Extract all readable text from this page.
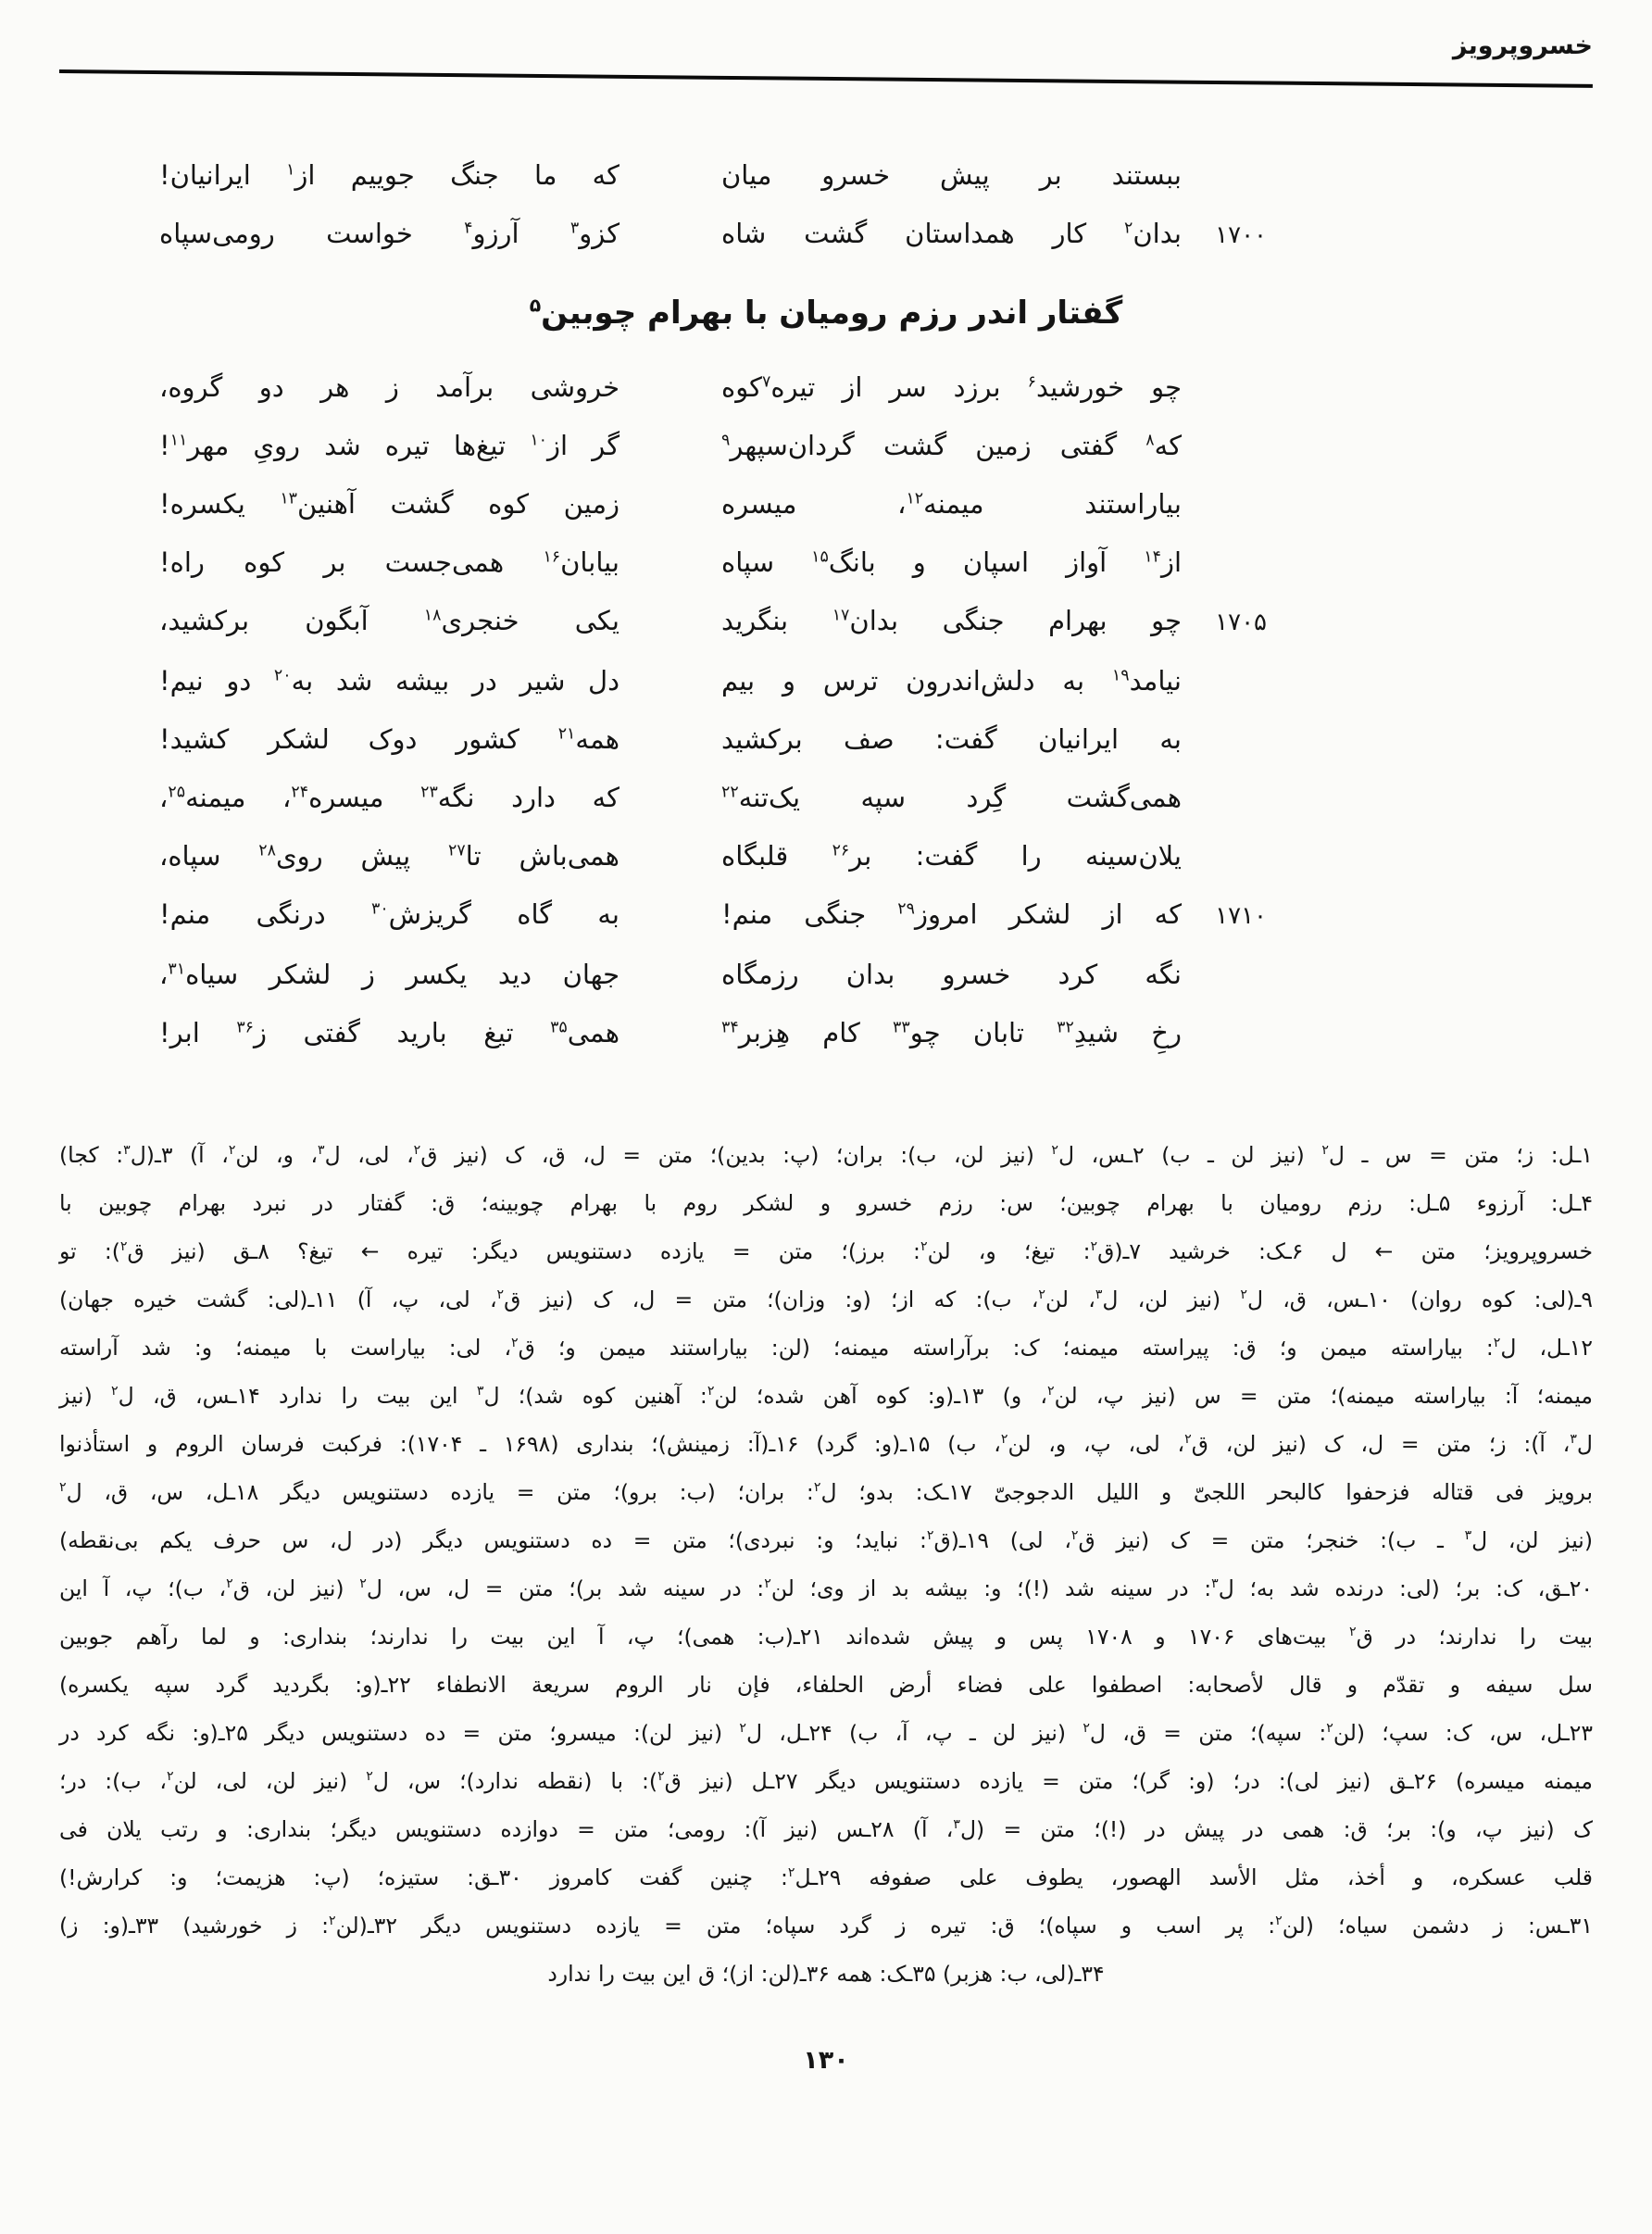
خسروپرویز
ببستند بر پیش خسرو میان
که ما جنگ جوییم از$^۱$ ایرانیان!
۱۷۰۰
بدان$^۲$ کار همداستان گشت شاه
کزو$^۳$ آرزو$^۴$ خواست رومی‌سپاه
گفتار اندر رزم رومیان با بهرام چوبین$^۵$
چو خورشید$^۶$ برزد سر از تیره$^۷$کوه
خروشی برآمد ز هر دو گروه،
که$^۸$ گفتی زمین گشت گردان‌سپهر$^۹$
گر از$^{۱۰}$ تیغ‌ها تیره شد رویِ مهر$^{۱۱}$!
بیاراستند میمنه$^{۱۲}$، میسره
زمین کوه گشت آهنین$^{۱۳}$ یکسره!
از$^{۱۴}$ آواز اسپان و بانگ$^{۱۵}$ سپاه
بیابان$^{۱۶}$ همی‌جست بر کوه راه!
۱۷۰۵
چو بهرام جنگی بدان$^{۱۷}$ بنگرید
یکی خنجری$^{۱۸}$ آبگون برکشید،
نیامد$^{۱۹}$ به دلش‌اندرون ترس و بیم
دل شیر در بیشه شد به$^{۲۰}$ دو نیم!
به ایرانیان گفت: صف برکشید
همه$^{۲۱}$ کشور دوک لشکر کشید!
همی‌گشت گِرد سپه یک‌تنه$^{۲۲}$
که دارد نگه$^{۲۳}$ میسره$^{۲۴}$، میمنه$^{۲۵}$،
یلان‌سینه را گفت: بر$^{۲۶}$ قلبگاه
همی‌باش تا$^{۲۷}$ پیش روی$^{۲۸}$ سپاه،
۱۷۱۰
که از لشکر امروز$^{۲۹}$ جنگی منم!
به گاه گریزش$^{۳۰}$ درنگی منم!
نگه کرد خسرو بدان رزمگاه
جهان دید یکسر ز لشکر سیاه$^{۳۱}$،
رخِ شیدِ$^{۳۲}$ تابان چو$^{۳۳}$ کام هِزبر$^{۳۴}$
همی$^{۳۵}$ تیغ بارید گفتی ز$^{۳۶}$ ابر!
۱ـل: ز؛ متن = س ـ ل$^۲$ (نیز لن ـ ب) ۲ـس، ل$^۲$ (نیز لن، ب): بران؛ (پ: بدین)؛ متن = ل، ق، ک (نیز ق$^۲$، لی، ل$^۳$، و، لن$^۲$، آ) ۳ـ(ل$^۳$: کجا)
۴ـل: آرزوء ۵ـل: رزم رومیان با بهرام چوبین؛ س: رزم خسرو و لشکر روم با بهرام چوبینه؛ ق: گفتار در نبرد بهرام چوبین با
خسروپرویز؛ متن ← ل ۶ـک: خرشید ۷ـ(ق$^۲$: تیغ؛ و، لن$^۲$: برز)؛ متن = یازده دستنویس دیگر: تیره ← تیغ؟ ۸ـق (نیز ق$^۲$): تو
۹ـ(لی: کوه روان) ۱۰ـس، ق، ل$^۲$ (نیز لن، ل$^۳$، لن$^۲$، ب): که از؛ (و: وزان)؛ متن = ل، ک (نیز ق$^۲$، لی، پ، آ) ۱۱ـ(لی: گشت خیره جهان)
۱۲ـل، ل$^۲$: بیاراسته میمن و؛ ق: پیراسته میمنه؛ ک: برآراسته میمنه؛ (لن: بیاراستند میمن و؛ ق$^۲$، لی: بیاراست با میمنه؛ و: شد آراسته
میمنه؛ آ: بیاراسته میمنه)؛ متن = س (نیز پ، لن$^۲$، و) ۱۳ـ(و: کوه آهن شده؛ لن$^۲$: آهنین کوه شد)؛ ل$^۳$ این بیت را ندارد ۱۴ـس، ق، ل$^۲$ (نیز
ل$^۳$، آ): ز؛ متن = ل، ک (نیز لن، ق$^۲$، لی، پ، و، لن$^۲$، ب) ۱۵ـ(و: گرد) ۱۶ـ(آ: زمینش)؛ بنداری (۱۶۹۸ ـ ۱۷۰۴): فرکبت فرسان الروم و استأذنوا
برویز فی قتاله فزحفوا کالبحر اللجیّ و اللیل الدجوجیّ ۱۷ـک: بدو؛ ل$^۲$: بران؛ (ب: برو)؛ متن = یازده دستنویس دیگر ۱۸ـل، س، ق، ل$^۲$
(نیز لن، ل$^۳$ ـ ب): خنجر؛ متن = ک (نیز ق$^۲$، لی) ۱۹ـ(ق$^۲$: نباید؛ و: نبردی)؛ متن = ده دستنویس دیگر (در ل، س حرف یکم بی‌نقطه)
۲۰ـق، ک: بر؛ (لی: درنده شد به؛ ل$^۳$: در سینه شد (!)؛ و: بیشه بد از وی؛ لن$^۲$: در سینه شد بر)؛ متن = ل، س، ل$^۲$ (نیز لن، ق$^۲$، ب)؛ پ، آ این
بیت را ندارند؛ در ق$^۲$ بیت‌های ۱۷۰۶ و ۱۷۰۸ پس و پیش شده‌اند ۲۱ـ(ب: همی)؛ پ، آ این بیت را ندارند؛ بنداری: و لما رآهم جوبین
سل سیفه و تقدّم و قال لأصحابه: اصطفوا علی فضاء أرض الحلفاء، فإن نار الروم سریعة الانطفاء ۲۲ـ(و: بگردید گرد سپه یکسره)
۲۳ـل، س، ک: سپ؛ (لن$^۲$: سپه)؛ متن = ق، ل$^۲$ (نیز لن ـ پ، آ، ب) ۲۴ـل، ل$^۲$ (نیز لن): میسرو؛ متن = ده دستنویس دیگر ۲۵ـ(و: نگه کرد در
میمنه میسره) ۲۶ـق (نیز لی): در؛ (و: گر)؛ متن = یازده دستنویس دیگر ۲۷ـل (نیز ق$^۲$): با (نقطه ندارد)؛ س، ل$^۲$ (نیز لن، لی، لن$^۲$، ب): در؛
ک (نیز پ، و): بر؛ ق: همی در پیش در (!)؛ متن = (ل$^۳$، آ) ۲۸ـس (نیز آ): رومی؛ متن = دوازده دستنویس دیگر؛ بنداری: و رتب یلان فی
قلب عسکره، و أخذ، مثل الأسد الهصور، یطوف علی صفوفه ۲۹ـل$^۲$: چنین گفت کامروز ۳۰ـق: ستیزه؛ (پ: هزیمت؛ و: کرارش!)
۳۱ـس: ز دشمن سیاه؛ (لن$^۲$: پر اسب و سپاه)؛ ق: تیره ز گرد سپاه؛ متن = یازده دستنویس دیگر ۳۲ـ(لن$^۲$: ز خورشید) ۳۳ـ(و: ز)
۳۴ـ(لی، ب: هزبر) ۳۵ـک: همه ۳۶ـ(لن: از)؛ ق این بیت را ندارد
۱۳۰
